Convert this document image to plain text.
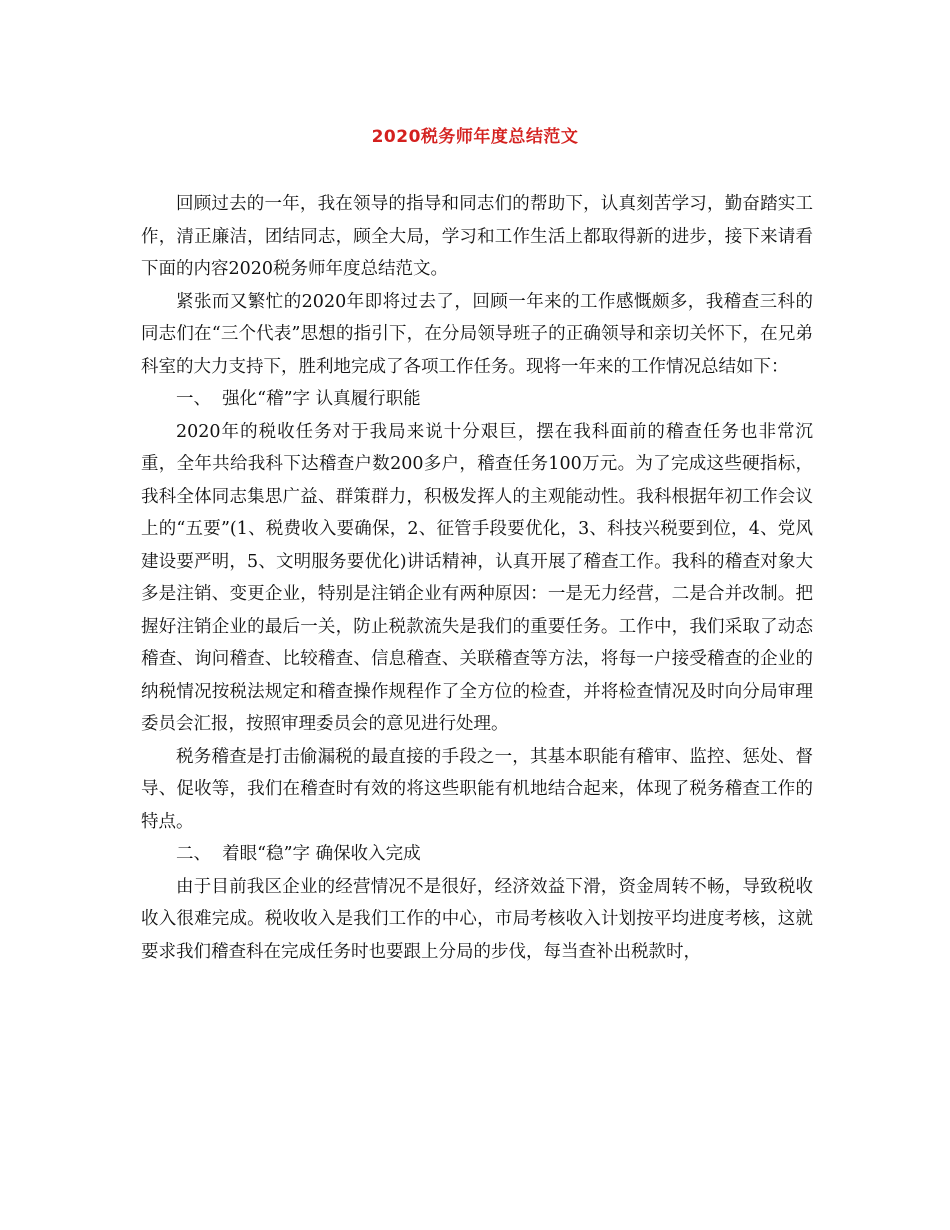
2020税务师年度总结范文

回顾过去的一年，我在领导的指导和同志们的帮助下，认真刻苦学习，勤奋踏实工作，清正廉洁，团结同志，顾全大局，学习和工作生活上都取得新的进步，接下来请看下面的内容2020税务师年度总结范文。

紧张而又繁忙的2020年即将过去了，回顾一年来的工作感慨颇多，我稽查三科的同志们在“三个代表”思想的指引下，在分局领导班子的正确领导和亲切关怀下，在兄弟科室的大力支持下，胜利地完成了各项工作任务。现将一年来的工作情况总结如下：

一、  强化“稽”字 认真履行职能

2020年的税收任务对于我局来说十分艰巨，摆在我科面前的稽查任务也非常沉重，全年共给我科下达稽查户数200多户，稽查任务100万元。为了完成这些硬指标，我科全体同志集思广益、群策群力，积极发挥人的主观能动性。我科根据年初工作会议上的“五要”(1、税费收入要确保，2、征管手段要优化，3、科技兴税要到位，4、党风建设要严明，5、文明服务要优化)讲话精神，认真开展了稽查工作。我科的稽查对象大多是注销、变更企业，特别是注销企业有两种原因：一是无力经营，二是合并改制。把握好注销企业的最后一关，防止税款流失是我们的重要任务。工作中，我们采取了动态稽查、询问稽查、比较稽查、信息稽查、关联稽查等方法，将每一户接受稽查的企业的纳税情况按税法规定和稽查操作规程作了全方位的检查，并将检查情况及时向分局审理委员会汇报，按照审理委员会的意见进行处理。

税务稽查是打击偷漏税的最直接的手段之一，其基本职能有稽审、监控、惩处、督导、促收等，我们在稽查时有效的将这些职能有机地结合起来，体现了税务稽查工作的特点。

二、  着眼“稳”字 确保收入完成

由于目前我区企业的经营情况不是很好，经济效益下滑，资金周转不畅，导致税收收入很难完成。税收收入是我们工作的中心，市局考核收入计划按平均进度考核，这就要求我们稽查科在完成任务时也要跟上分局的步伐，每当查补出税款时，
